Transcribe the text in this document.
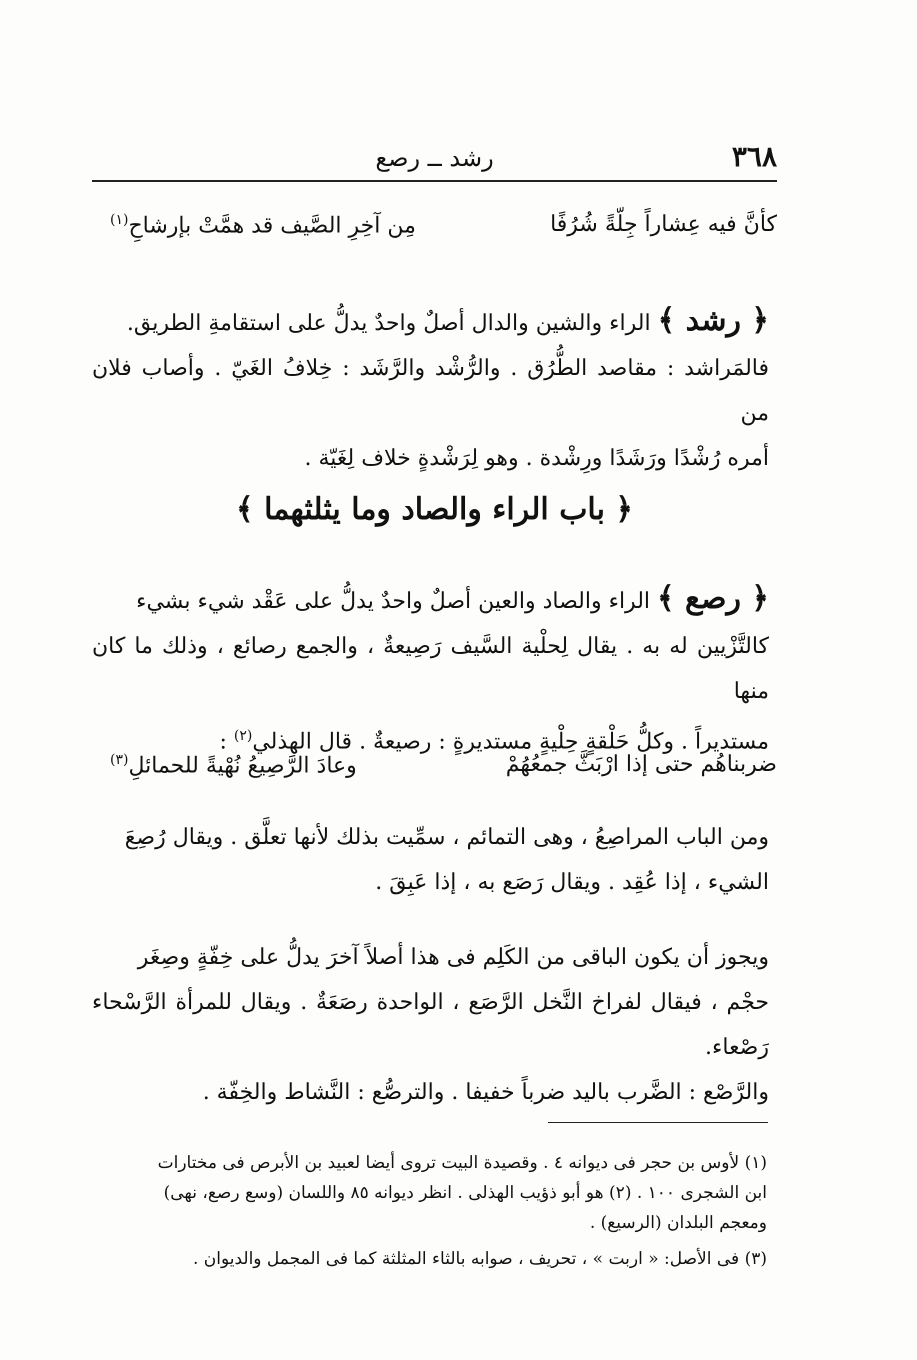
٣٦٨
رشد ــ رصع
كأنَّ فيه عِشاراً جِلّةً شُرُفًا
مِن آخِرِ الصَّيف قد همَّتْ بإرشاحِ$^{(١)}$
﴿ رشد ﴾ الراء والشين والدال أصلٌ واحدٌ يدلُّ على استقامةِ الطريق.
فالمَراشد : مقاصد الطُّرُق . والرُّشْد والرَّشَد : خِلافُ الغَيّ . وأصاب فلان من
أمره رُشْدًا ورَشَدًا ورِشْدة . وهو لِرَشْدةٍ خلاف لِغَيّة .
﴿ باب الراء والصاد وما يثلثهما ﴾
﴿ رصع ﴾ الراء والصاد والعين أصلٌ واحدٌ يدلُّ على عَقْد شيء بشيء
كالتَّزْيين له به . يقال لِحلْية السَّيف رَصِيعةٌ ، والجمع رصائع ، وذلك ما كان منها
مستديراً . وكلُّ حَلْقةٍ حِلْيةٍ مستديرةٍ : رصيعةٌ . قال الهذلي$^{(٢)}$ :
ضربناهُم حتى إذا ارْبَثَّ جمعُهُمْ
وعادَ الرَّصِيعُ نُهْيةً للحمائلِ$^{(٣)}$
ومن الباب المراصِعُ ، وهى التمائم ، سمِّيت بذلك لأنها تعلَّق . ويقال رُصِعَ
الشيء ، إذا عُقِد . ويقال رَصَع به ، إذا عَبِقَ .
ويجوز أن يكون الباقى من الكَلِم فى هذا أصلاً آخرَ يدلُّ على خِفّةٍ وصِغَر
حجْم ، فيقال لفراخ النَّخل الرَّصَع ، الواحدة رصَعَةٌ . ويقال للمرأة الرَّسْحاء رَصْعاء.
والرَّصْع : الضَّرب باليد ضرباً خفيفا . والترصُّع : النَّشاط والخِفّة .

(١) لأوس بن حجر فى ديوانه ٤ . وقصيدة البيت تروى أيضا لعبيد بن الأبرص فى مختارات

ابن الشجرى ١٠٠ . (٢) هو أبو ذؤيب الهذلى . انظر ديوانه ٨٥ واللسان (وسع رصع، نهى)

ومعجم البلدان (الرسيع) .

(٣) فى الأصل: « اربت » ، تحريف ، صوابه بالثاء المثلثة كما فى المجمل والديوان .
